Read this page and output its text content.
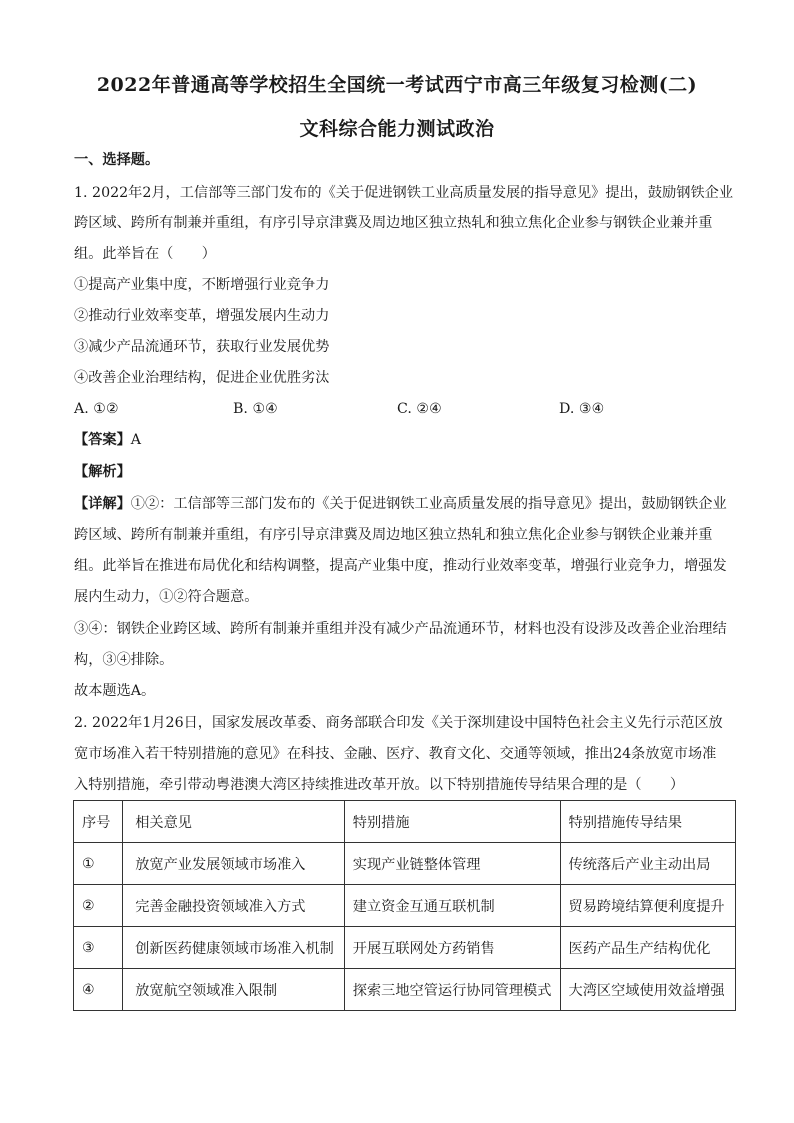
2022年普通高等学校招生全国统一考试西宁市高三年级复习检测(二)
文科综合能力测试政治
一、选择题。
1. 2022年2月，工信部等三部门发布的《关于促进钢铁工业高质量发展的指导意见》提出，鼓励钢铁企业
跨区域、跨所有制兼并重组，有序引导京津冀及周边地区独立热轧和独立焦化企业参与钢铁企业兼并重
组。此举旨在（　　）
①提高产业集中度，不断增强行业竞争力
②推动行业效率变革，增强发展内生动力
③减少产品流通环节，获取行业发展优势
④改善企业治理结构，促进企业优胜劣汰
A. ①②	B. ①④	C. ②④	D. ③④
【答案】A
【解析】
【详解】①②：工信部等三部门发布的《关于促进钢铁工业高质量发展的指导意见》提出，鼓励钢铁企业
跨区域、跨所有制兼并重组，有序引导京津冀及周边地区独立热轧和独立焦化企业参与钢铁企业兼并重
组。此举旨在推进布局优化和结构调整，提高产业集中度，推动行业效率变革，增强行业竞争力，增强发
展内生动力，①②符合题意。
③④：钢铁企业跨区域、跨所有制兼并重组并没有减少产品流通环节，材料也没有设涉及改善企业治理结
构，③④排除。
故本题选A。
2. 2022年1月26日，国家发展改革委、商务部联合印发《关于深圳建设中国特色社会主义先行示范区放
宽市场准入若干特别措施的意见》在科技、金融、医疗、教育文化、交通等领域，推出24条放宽市场准
入特别措施，牵引带动粤港澳大湾区持续推进改革开放。以下特别措施传导结果合理的是（　　）
序号	相关意见	特别措施	特别措施传导结果
①	放宽产业发展领域市场准入	实现产业链整体管理	传统落后产业主动出局
②	完善金融投资领域准入方式	建立资金互通互联机制	贸易跨境结算便利度提升
③	创新医药健康领域市场准入机制	开展互联网处方药销售	医药产品生产结构优化
④	放宽航空领域准入限制	探索三地空管运行协同管理模式	大湾区空域使用效益增强
